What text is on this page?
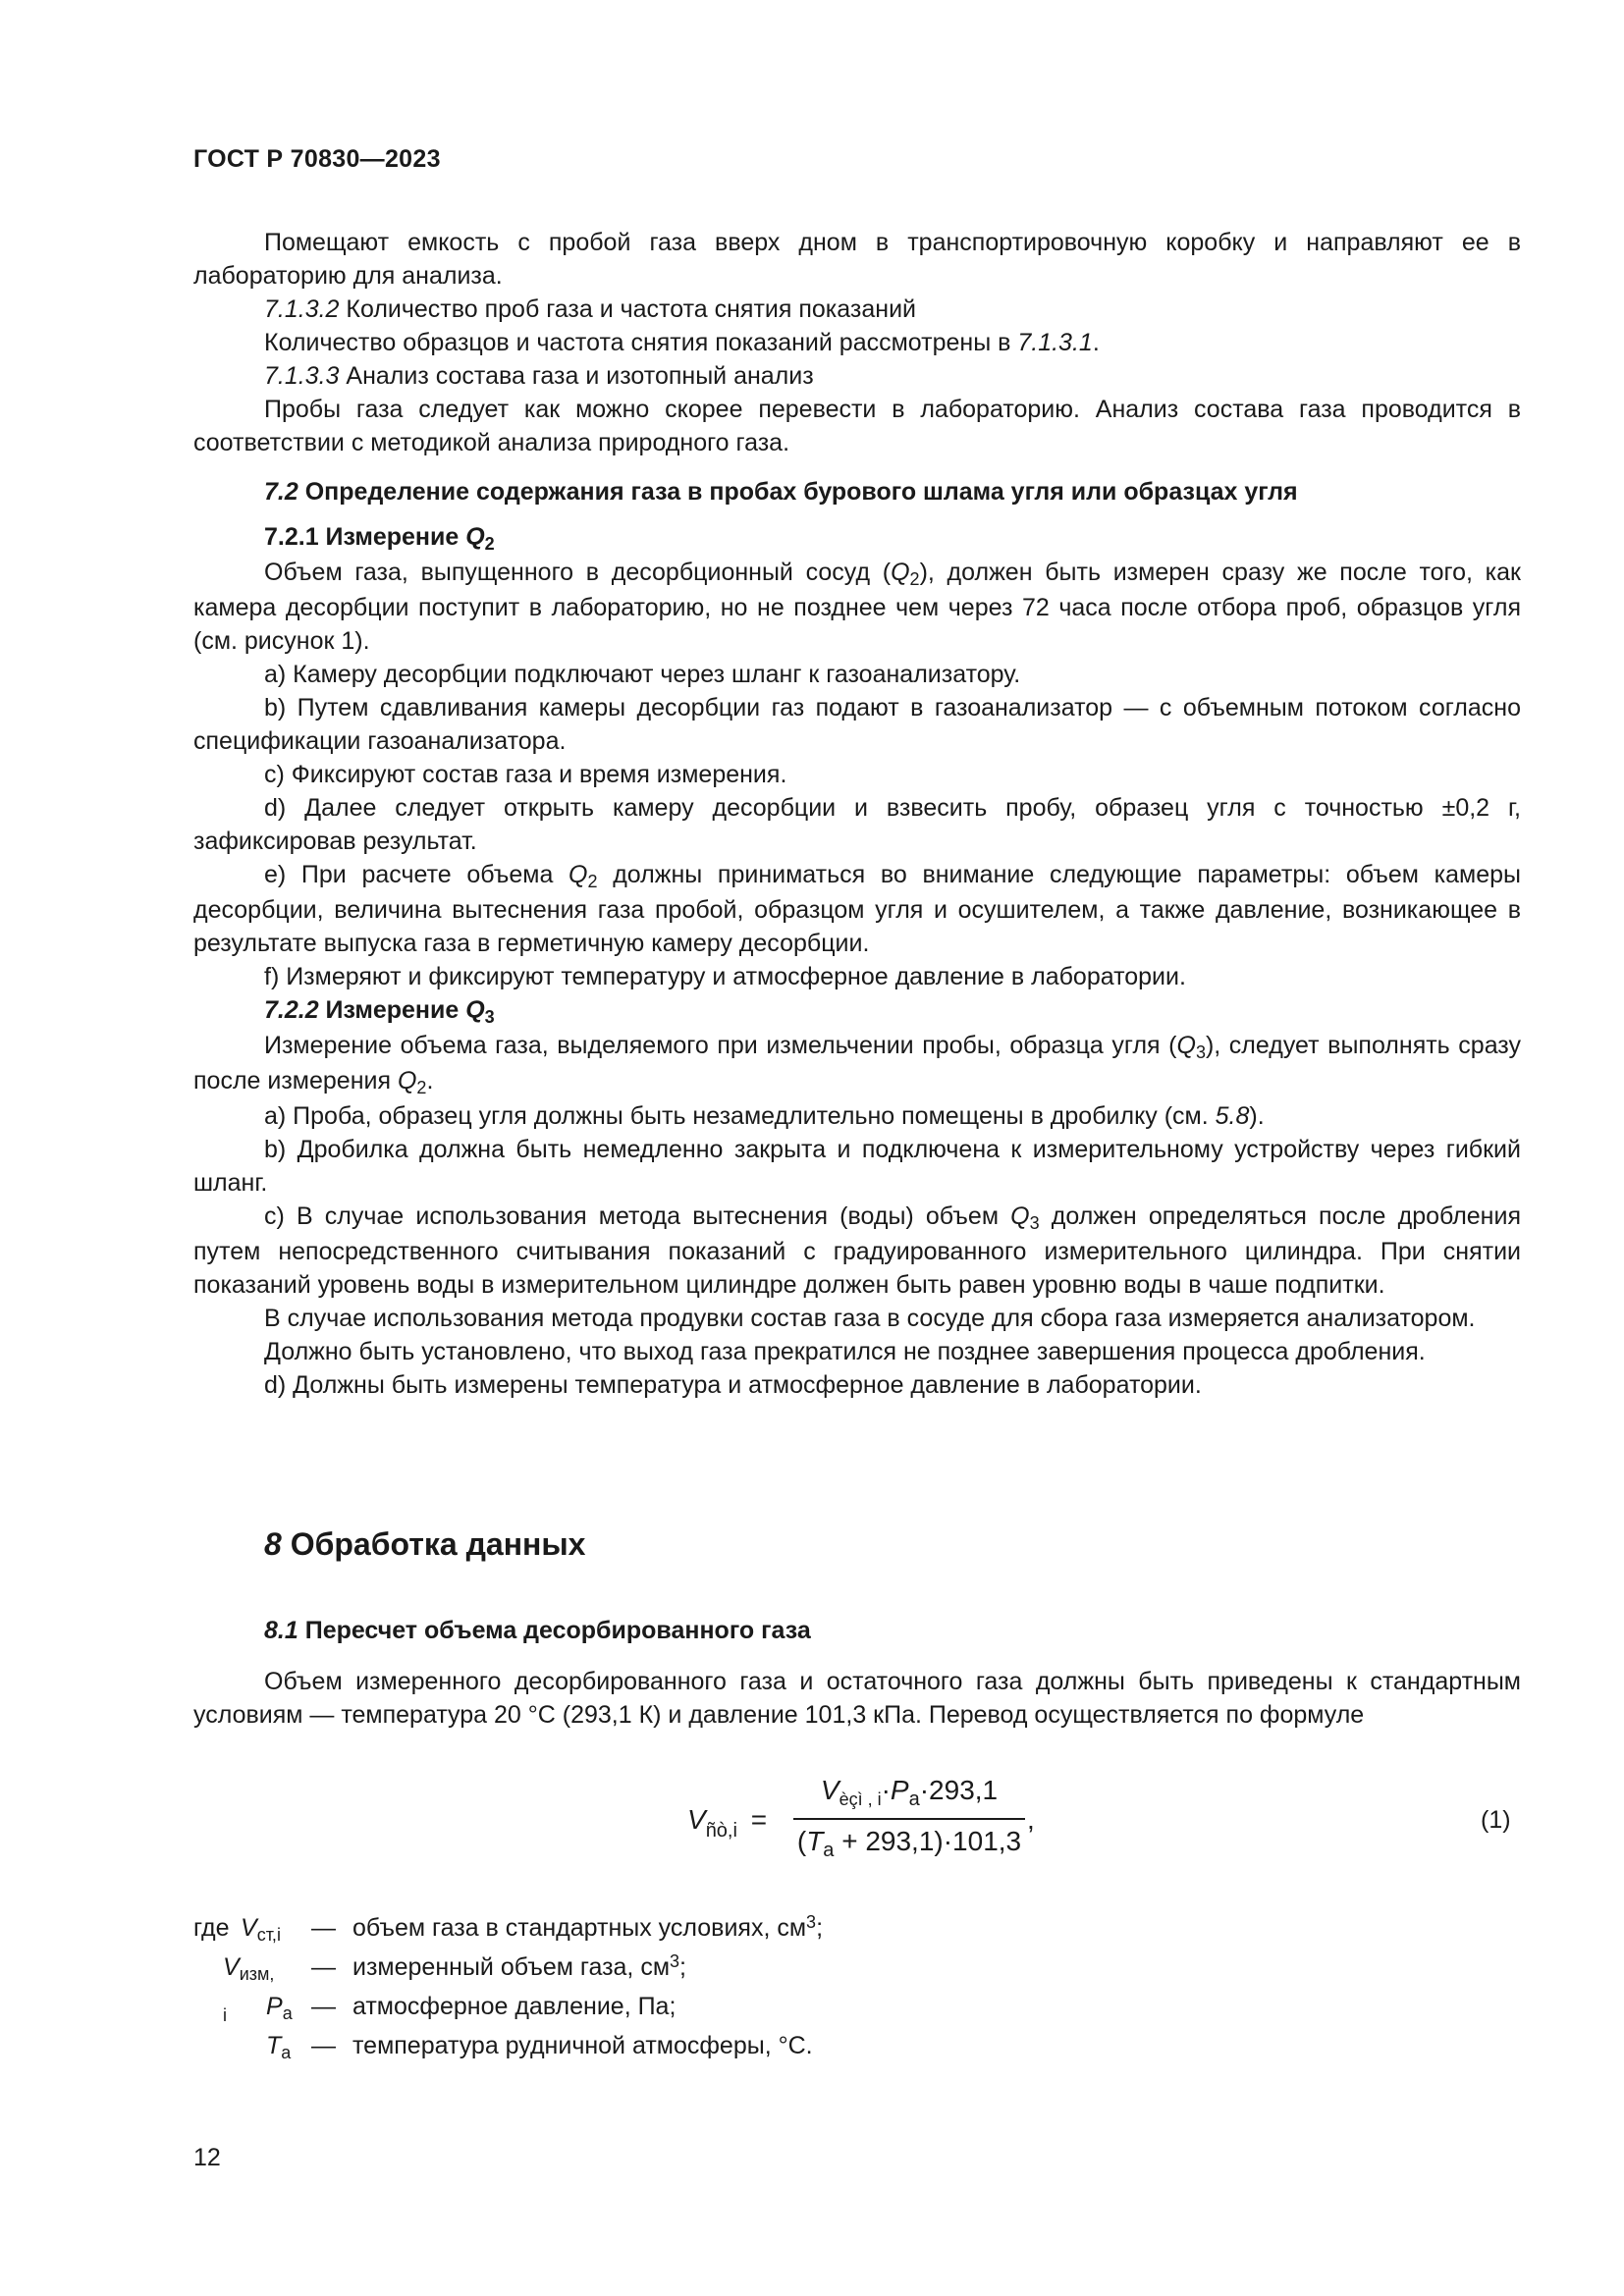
ГОСТ Р 70830—2023

Помещают емкость с пробой газа вверх дном в транспортировочную коробку и направляют ее в лабораторию для анализа.

7.1.3.2 Количество проб газа и частота снятия показаний

Количество образцов и частота снятия показаний рассмотрены в 7.1.3.1.

7.1.3.3 Анализ состава газа и изотопный анализ

Пробы газа следует как можно скорее перевести в лабораторию. Анализ состава газа проводится в соответствии с методикой анализа природного газа.

7.2 Определение содержания газа в пробах бурового шлама угля или образцах угля

7.2.1 Измерение $Q_2$

Объем газа, выпущенного в десорбционный сосуд $(Q_2)$, должен быть измерен сразу же после того, как камера десорбции поступит в лабораторию, но не позднее чем через 72 часа после отбора проб, образцов угля (см. рисунок 1).

а) Камеру десорбции подключают через шланг к газоанализатору.

b) Путем сдавливания камеры десорбции газ подают в газоанализатор — с объемным потоком согласно спецификации газоанализатора.

с) Фиксируют состав газа и время измерения.

d) Далее следует открыть камеру десорбции и взвесить пробу, образец угля с точностью ±0,2 г, зафиксировав результат.

е) При расчете объема $Q_2$ должны приниматься во внимание следующие параметры: объем камеры десорбции, величина вытеснения газа пробой, образцом угля и осушителем, а также давление, возникающее в результате выпуска газа в герметичную камеру десорбции.

f) Измеряют и фиксируют температуру и атмосферное давление в лаборатории.

7.2.2 Измерение $Q_3$

Измерение объема газа, выделяемого при измельчении пробы, образца угля $(Q_3)$, следует выполнять сразу после измерения $Q_2$.

а) Проба, образец угля должны быть незамедлительно помещены в дробилку (см. 5.8).

b) Дробилка должна быть немедленно закрыта и подключена к измерительному устройству через гибкий шланг.

с) В случае использования метода вытеснения (воды) объем $Q_3$ должен определяться после дробления путем непосредственного считывания показаний с градуированного измерительного цилиндра. При снятии показаний уровень воды в измерительном цилиндре должен быть равен уровню воды в чаше подпитки.

В случае использования метода продувки состав газа в сосуде для сбора газа измеряется анализатором.

Должно быть установлено, что выход газа прекратился не позднее завершения процесса дробления.

d) Должны быть измерены температура и атмосферное давление в лаборатории.

8 Обработка данных
8.1 Пересчет объема десорбированного газа

Объем измеренного десорбированного газа и остаточного газа должны быть приведены к стандартным условиям — температура 20 °С (293,1 К) и давление 101,3 кПа. Перевод осуществляется по формуле

$V_{ñò,i}$ =
$V_{èçì , i}\cdot P_a\cdot 293,1$
$(T_a + 293,1)\cdot 101,3$
,	(1)
где $V_{ст,i}$ — объем газа в стандартных условиях, $см^3$;
$V_{изм, i}$
— измеренный объем газа, $см^3$;
$P_a$ — атмосферное давление, Па;
$T_a$ — температура рудничной атмосферы, °С.
12
